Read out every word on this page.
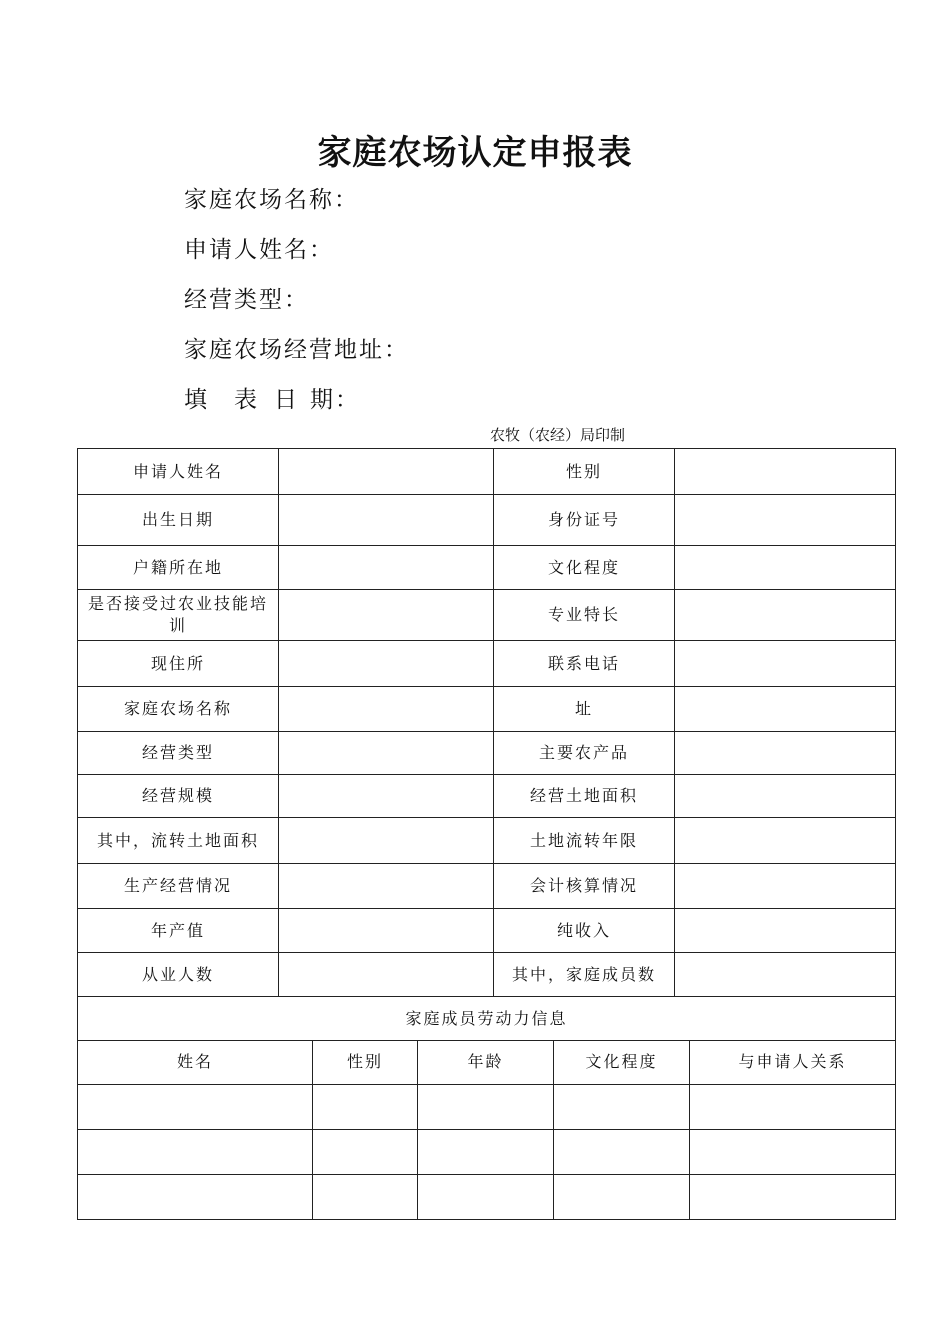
家庭农场认定申报表
家庭农场名称：
申请人姓名：
经营类型：
家庭农场经营地址：
填 表 日 期：
农牧（农经）局印制
申请人姓名		性别	
出生日期		身份证号	
户籍所在地		文化程度	
是否接受过农业技能培训		专业特长	
现住所		联系电话	
家庭农场名称		址	
经营类型		主要农产品	
经营规模		经营土地面积	
其中，流转土地面积		土地流转年限	
生产经营情况		会计核算情况	
年产值		纯收入	
从业人数		其中，家庭成员数	
家庭成员劳动力信息			
姓名	性别	年龄	文化程度	与申请人关系
